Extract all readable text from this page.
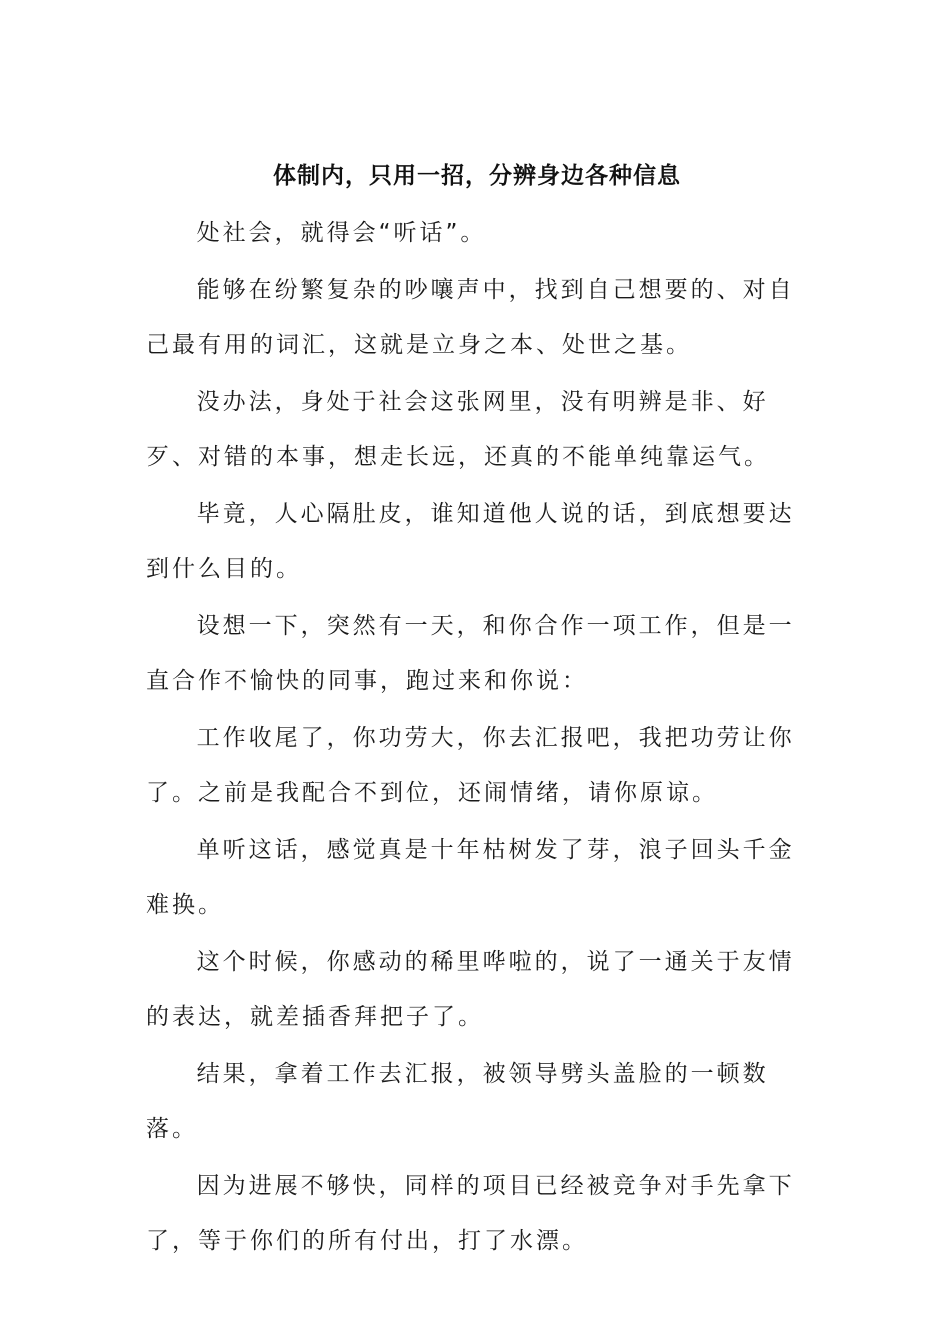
体制内，只用一招，分辨身边各种信息

处社会，就得会“听话”。

能够在纷繁复杂的吵嚷声中，找到自己想要的、对自己最有用的词汇，这就是立身之本、处世之基。

没办法，身处于社会这张网里，没有明辨是非、好歹、对错的本事，想走长远，还真的不能单纯靠运气。

毕竟，人心隔肚皮，谁知道他人说的话，到底想要达到什么目的。

设想一下，突然有一天，和你合作一项工作，但是一直合作不愉快的同事，跑过来和你说：

工作收尾了，你功劳大，你去汇报吧，我把功劳让你了。之前是我配合不到位，还闹情绪，请你原谅。

单听这话，感觉真是十年枯树发了芽，浪子回头千金难换。

这个时候，你感动的稀里哗啦的，说了一通关于友情的表达，就差插香拜把子了。

结果，拿着工作去汇报，被领导劈头盖脸的一顿数落。

因为进展不够快，同样的项目已经被竞争对手先拿下了，等于你们的所有付出，打了水漂。
